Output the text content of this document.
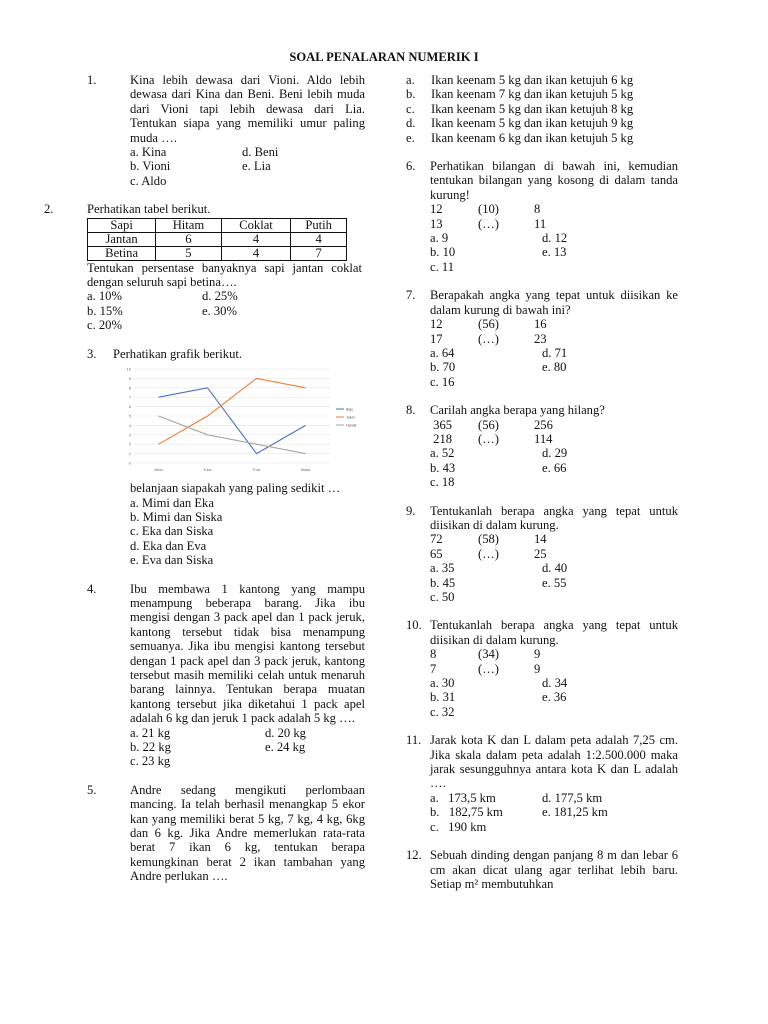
SOAL PENALARAN NUMERIK I
1.	Kina lebih dewasa dari Vioni. Aldo lebih dewasa dari Kina dan Beni. Beni lebih muda dari Vioni tapi lebih dewasa dari Lia. Tentukan siapa yang memiliki umur paling muda ….
a. Kina	d. Beni
b. Vioni	e. Lia
c. Aldo
2.	Perhatikan tabel berikut.
Sapi	Hitam	Coklat	Putih
Jantan	6	4	4
Betina	5	4	7
Tentukan persentase banyaknya sapi jantan coklat dengan seluruh sapi betina….
a. 10%	d. 25%
b. 15%	e. 30%
c. 20%
3. Perhatikan grafik berikut.
0
1
2
3
4
5
6
7
8
9
10
Mimi	Eka	Eva	Siska
Baju
Jaket
Handk
belanjaan siapakah yang paling sedikit …
a. Mimi dan Eka
b. Mimi dan Siska
c. Eka dan Siska
d. Eka dan Eva
e. Eva dan Siska
4.	Ibu membawa 1 kantong yang mampu menampung beberapa barang. Jika ibu mengisi dengan 3 pack apel dan 1 pack jeruk, kantong tersebut tidak bisa menampung semuanya. Jika ibu mengisi kantong tersebut dengan 1 pack apel dan 3 pack jeruk, kantong tersebut masih memiliki celah untuk menaruh barang lainnya. Tentukan berapa muatan kantong tersebut jika diketahui 1 pack apel adalah 6 kg dan jeruk 1 pack adalah 5 kg ….
a. 21 kg	d. 20 kg
b. 22 kg	e. 24 kg
c. 23 kg
5.	Andre sedang mengikuti perlombaan mancing. Ia telah berhasil menangkap 5 ekor kan yang memiliki berat 5 kg, 7 kg, 4 kg, 6kg dan 6 kg. Jika Andre memerlukan rata-rata berat 7 ikan 6 kg, tentukan berapa kemungkinan berat 2 ikan tambahan yang Andre perlukan ….
a. Ikan keenam 5 kg dan ikan ketujuh 6 kg
b. Ikan keenam 7 kg dan ikan ketujuh 5 kg
c. Ikan keenam 5 kg dan ikan ketujuh 8 kg
d. Ikan keenam 5 kg dan ikan ketujuh 9 kg
e. Ikan keenam 6 kg dan ikan ketujuh 5 kg
6. Perhatikan bilangan di bawah ini, kemudian tentukan bilangan yang kosong di dalam tanda kurung!
12	(10)	8
13	(…)	11
a. 9	d. 12
b. 10	e. 13
c. 11
7. Berapakah angka yang tepat untuk diisikan ke dalam kurung di bawah ini?
12	(56)	16
17	(…)	23
a. 64	d. 71
b. 70	e. 80
c. 16
8. Carilah angka berapa yang hilang?
365	(56)	256
218	(…)	114
a. 52	d. 29
b. 43	e. 66
c. 18
9. Tentukanlah berapa angka yang tepat untuk diisikan di dalam kurung.
72	(58)	14
65	(…)	25
a. 35	d. 40
b. 45	e. 55
c. 50
10. Tentukanlah berapa angka yang tepat untuk diisikan di dalam kurung.
8	(34)	9
7	(…)	9
a. 30	d. 34
b. 31	e. 36
c. 32
11. Jarak kota K dan L dalam peta adalah 7,25 cm. Jika skala dalam peta adalah 1:2.500.000 maka jarak sesungguhnya antara kota K dan L adalah ….
a.   173,5 km	d. 177,5 km
b.   182,75 km	e. 181,25 km
c.   190 km
12. Sebuah dinding dengan panjang 8 m dan lebar 6 cm akan dicat ulang agar terlihat lebih baru. Setiap m² membutuhkan
